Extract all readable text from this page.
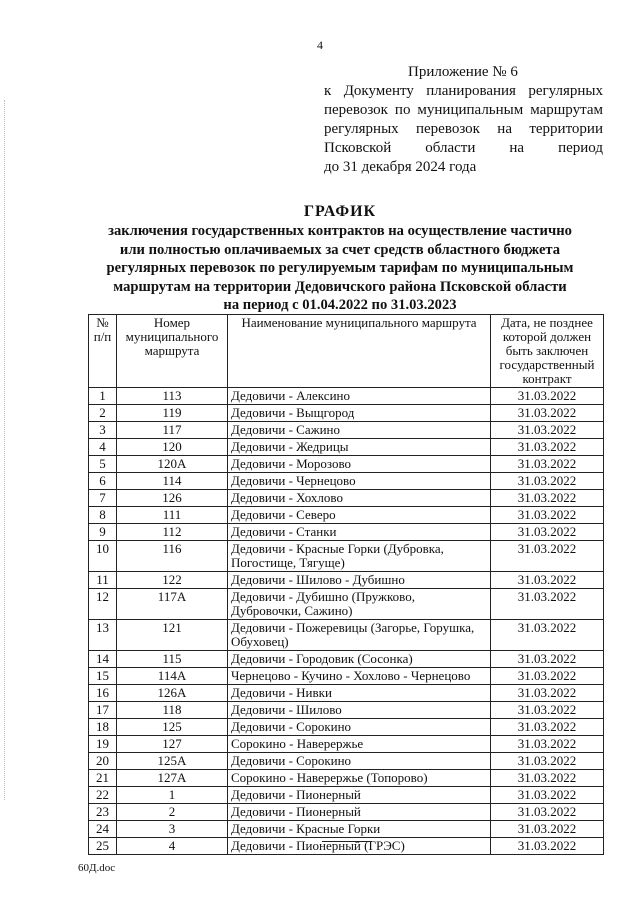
4
Приложение № 6
к Документу планирования регулярных
перевозок по муниципальным маршрутам
регулярных перевозок на территории
Псковской области на период
до 31 декабря 2024 года
ГРАФИК
заключения государственных контрактов на осуществление частично
или полностью оплачиваемых за счет средств областного бюджета
регулярных перевозок по регулируемым тарифам по муниципальным
маршрутам на территории Дедовичского района Псковской области
на период с 01.04.2022 по 31.03.2023
№ п/п	Номер муниципального маршрута	Наименование муниципального маршрута	Дата, не позднее которой должен быть заключен государственный контракт
1	113	Дедовичи - Алексино	31.03.2022
2	119	Дедовичи - Выщгород	31.03.2022
3	117	Дедовичи - Сажино	31.03.2022
4	120	Дедовичи - Жедрицы	31.03.2022
5	120А	Дедовичи - Морозово	31.03.2022
6	114	Дедовичи - Чернецово	31.03.2022
7	126	Дедовичи - Хохлово	31.03.2022
8	111	Дедовичи - Северо	31.03.2022
9	112	Дедовичи - Станки	31.03.2022
10	116	Дедовичи - Красные Горки (Дубровка, Погостище, Тягуще)	31.03.2022
11	122	Дедовичи - Шилово - Дубишно	31.03.2022
12	117А	Дедовичи - Дубишно (Пружково, Дубровочки, Сажино)	31.03.2022
13	121	Дедовичи - Пожеревицы (Загорье, Горушка, Обуховец)	31.03.2022
14	115	Дедовичи - Городовик (Сосонка)	31.03.2022
15	114А	Чернецово - Кучино - Хохлово - Чернецово	31.03.2022
16	126А	Дедовичи - Нивки	31.03.2022
17	118	Дедовичи - Шилово	31.03.2022
18	125	Дедовичи - Сорокино	31.03.2022
19	127	Сорокино - Наверержье	31.03.2022
20	125А	Дедовичи - Сорокино	31.03.2022
21	127А	Сорокино - Наверержье (Топорово)	31.03.2022
22	1	Дедовичи - Пионерный	31.03.2022
23	2	Дедовичи - Пионерный	31.03.2022
24	3	Дедовичи - Красные Горки	31.03.2022
25	4	Дедовичи - Пионерный (ГРЭС)	31.03.2022
60Д.doc
